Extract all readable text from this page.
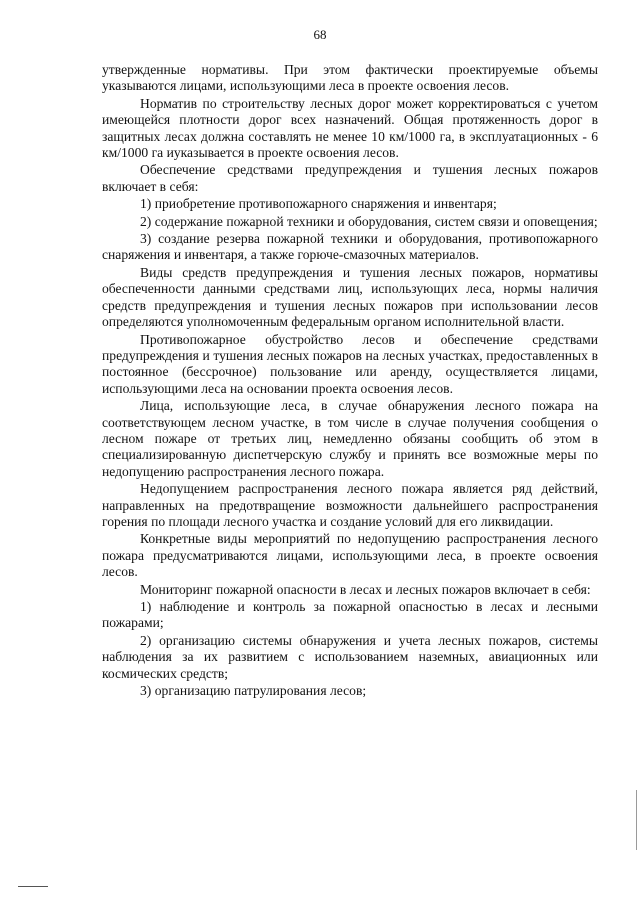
68

утвержденные нормативы. При этом фактически проектируемые объемы указываются лицами, использующими леса в проекте освоения лесов.

Норматив по строительству лесных дорог может корректироваться с учетом имеющейся плотности дорог всех назначений. Общая протяженность дорог в защитных лесах должна составлять не менее 10 км/1000 га, в эксплуатационных - 6 км/1000 га иуказывается в проекте освоения лесов.

Обеспечение средствами предупреждения и тушения лесных пожаров включает в себя:

1) приобретение противопожарного снаряжения и инвентаря;

2) содержание пожарной техники и оборудования, систем связи и оповещения;

3) создание резерва пожарной техники и оборудования, противопожарного снаряжения и инвентаря, а также горюче-смазочных материалов.

Виды средств предупреждения и тушения лесных пожаров, нормативы обеспеченности данными средствами лиц, использующих леса, нормы наличия средств предупреждения и тушения лесных пожаров при использовании лесов определяются уполномоченным федеральным органом исполнительной власти.

Противопожарное обустройство лесов и обеспечение средствами предупреждения и тушения лесных пожаров на лесных участках, предоставленных в постоянное (бессрочное) пользование или аренду, осуществляется лицами, использующими леса на основании проекта освоения лесов.

Лица, использующие леса, в случае обнаружения лесного пожара на соответствующем лесном участке, в том числе в случае получения сообщения о лесном пожаре от третьих лиц, немедленно обязаны сообщить об этом в специализированную диспетчерскую службу и принять все возможные меры по недопущению распространения лесного пожара.

Недопущением распространения лесного пожара является ряд действий, направленных на предотвращение возможности дальнейшего распространения горения по площади лесного участка и создание условий для его ликвидации.

Конкретные виды мероприятий по недопущению распространения лесного пожара предусматриваются лицами, использующими леса, в проекте освоения лесов.

Мониторинг пожарной опасности в лесах и лесных пожаров включает в себя:

1) наблюдение и контроль за пожарной опасностью в лесах и лесными пожарами;

2) организацию системы обнаружения и учета лесных пожаров, системы наблюдения за их развитием с использованием наземных, авиационных или космических средств;

3) организацию патрулирования лесов;
